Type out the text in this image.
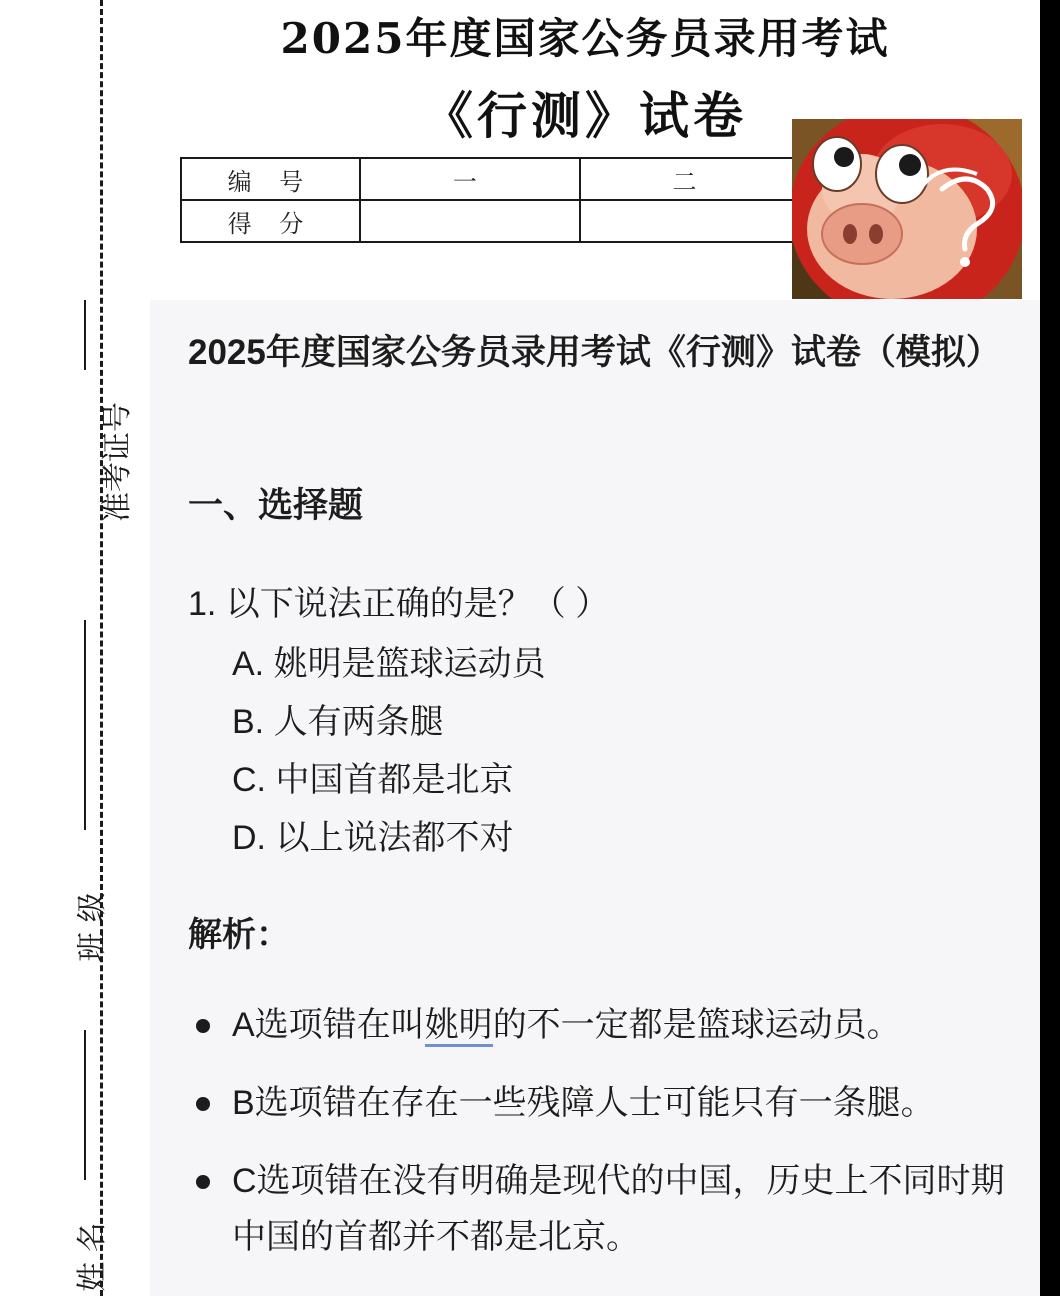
准考证号
班 级
姓 名
2025年度国家公务员录用考试
《行测》试卷
编 号	一	二	
得 分			
2025年度国家公务员录用考试《行测》试卷（模拟）
一、选择题
1. 以下说法正确的是？（ ）
A. 姚明是篮球运动员
B. 人有两条腿
C. 中国首都是北京
D. 以上说法都不对
解析：
A选项错在叫姚明的不一定都是篮球运动员。
B选项错在存在一些残障人士可能只有一条腿。
C选项错在没有明确是现代的中国，历史上不同时期中国的首都并不都是北京。
